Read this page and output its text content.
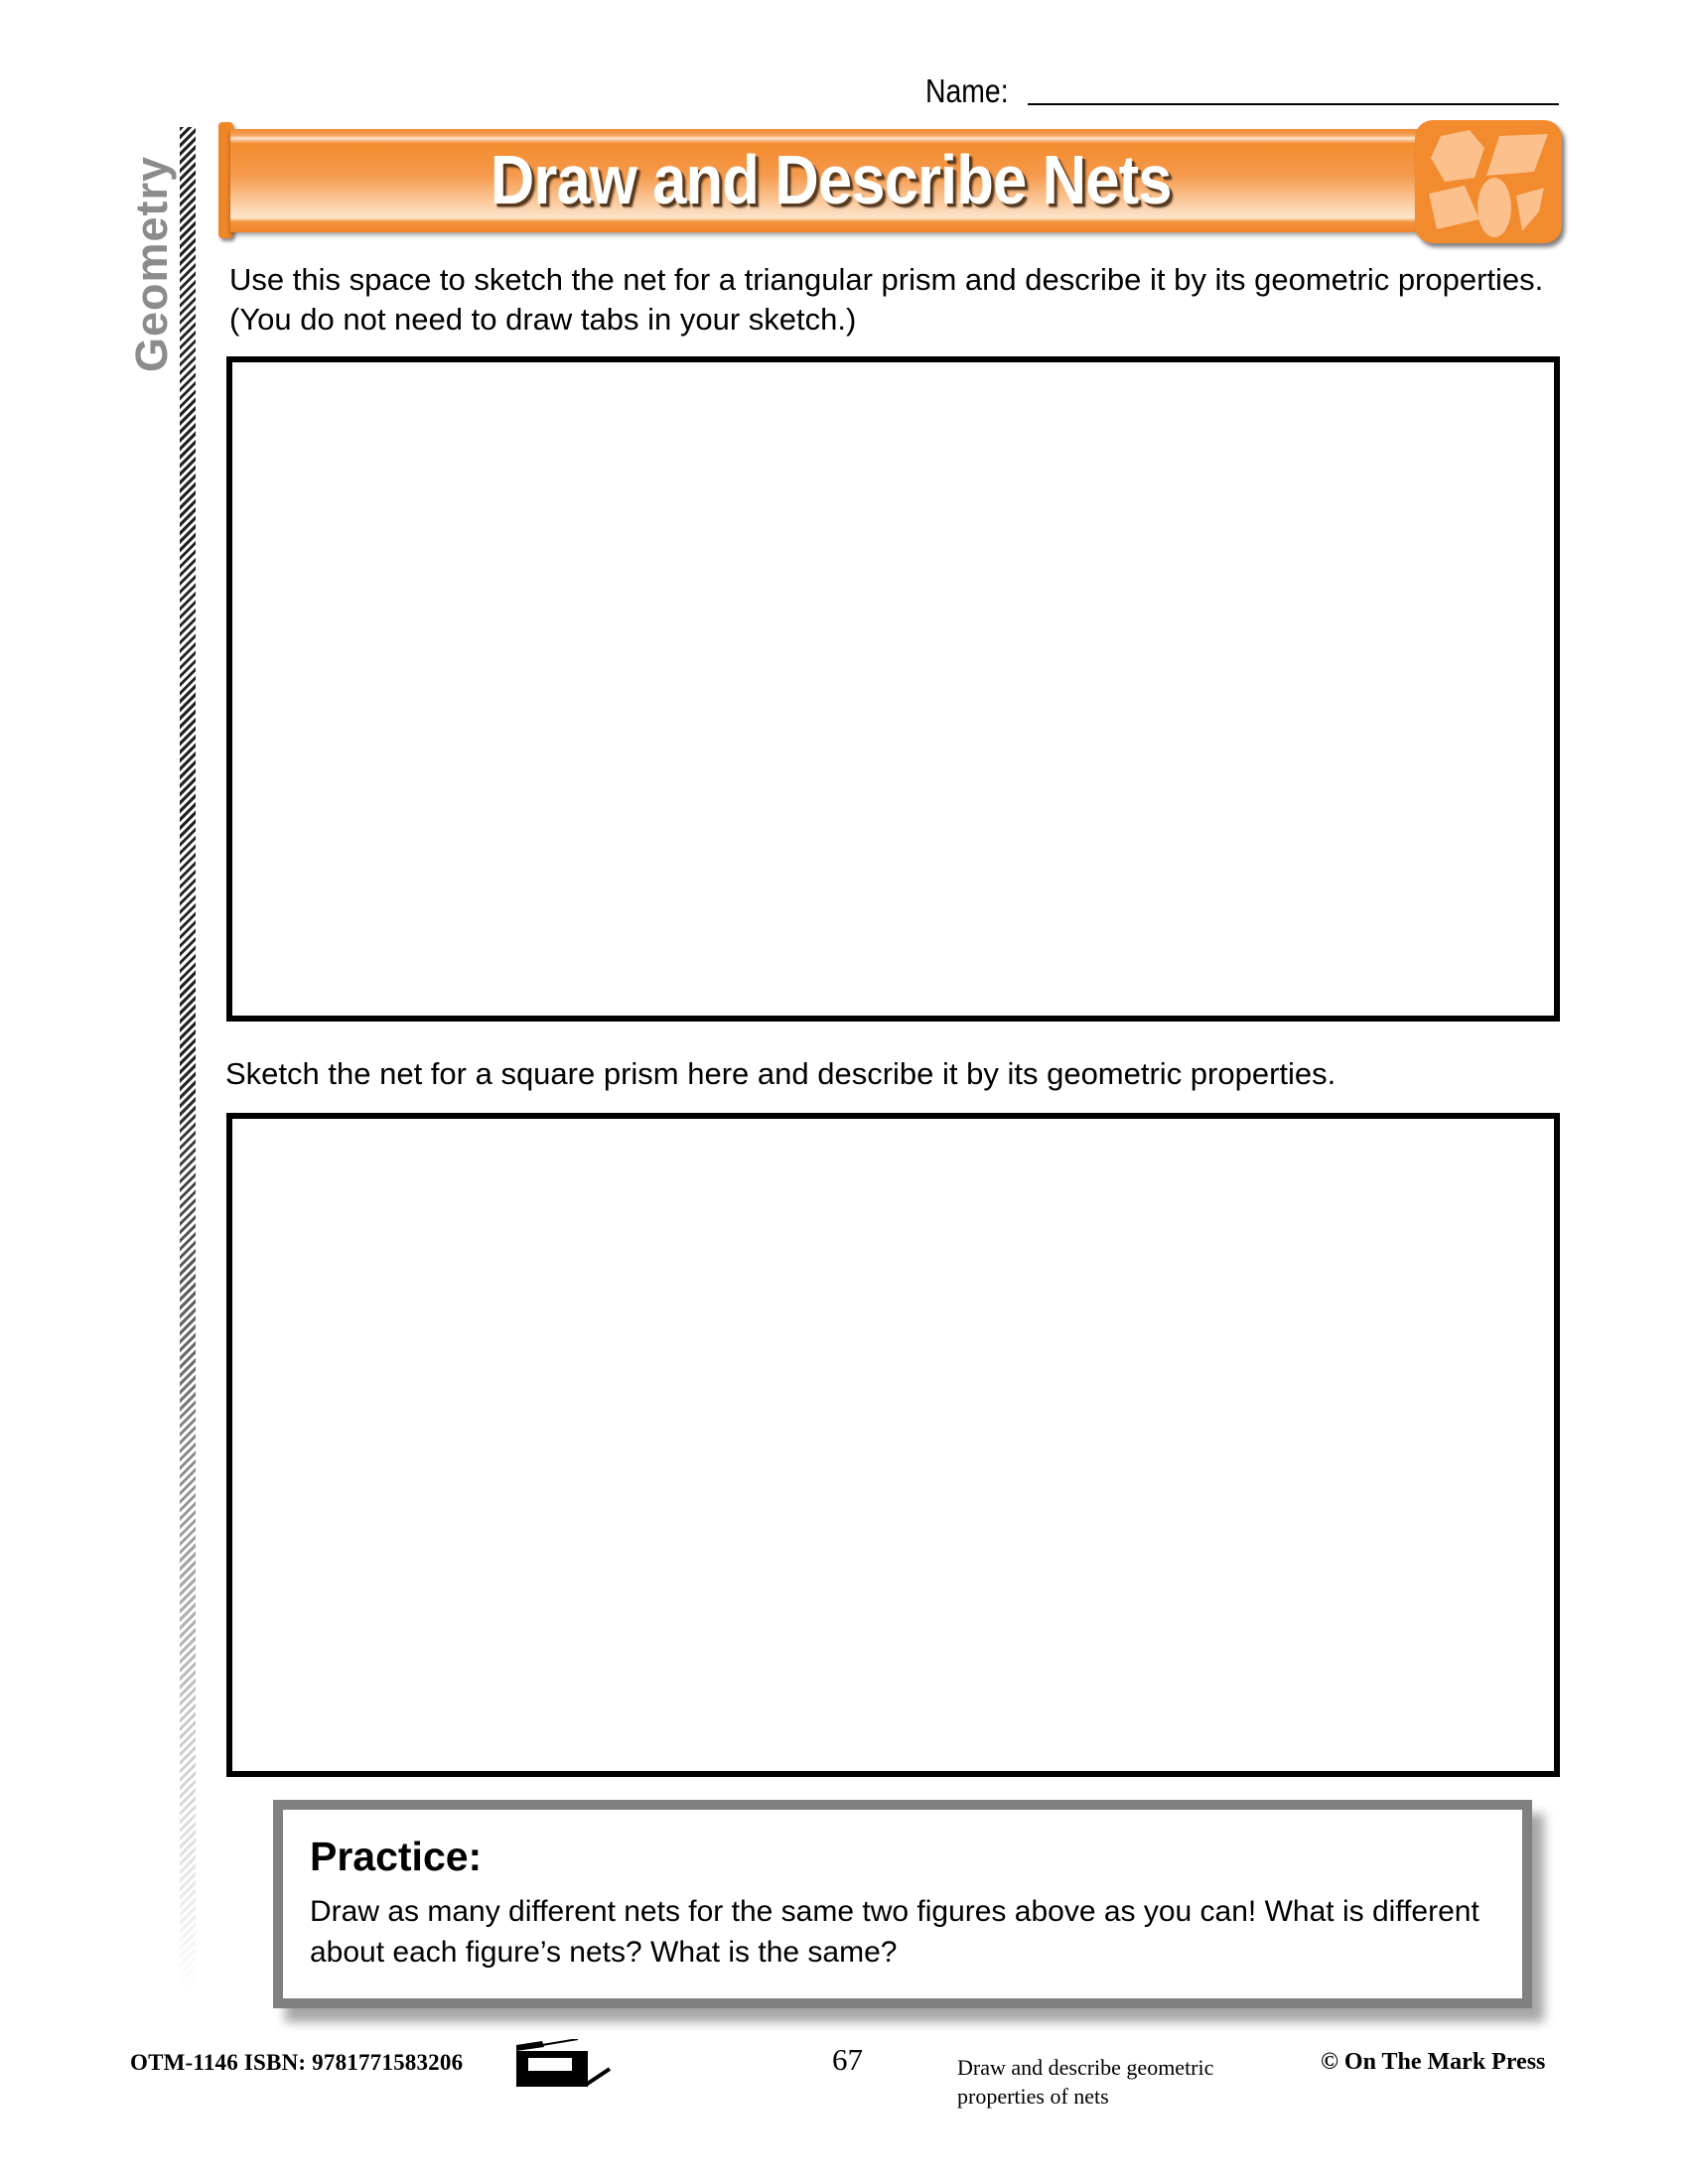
Name:
Geometry	Draw and Describe Nets
Use this space to sketch the net for a triangular prism and describe it by its geometric properties. (You do not need to draw tabs in your sketch.)
Sketch the net for a square prism here and describe it by its geometric properties.
Practice:
Draw as many different nets for the same two figures above as you can! What is different about each figure’s nets? What is the same?
OTM-1146 ISBN: 9781771583206	67	Draw and describe geometric properties of nets
© On The Mark Press
